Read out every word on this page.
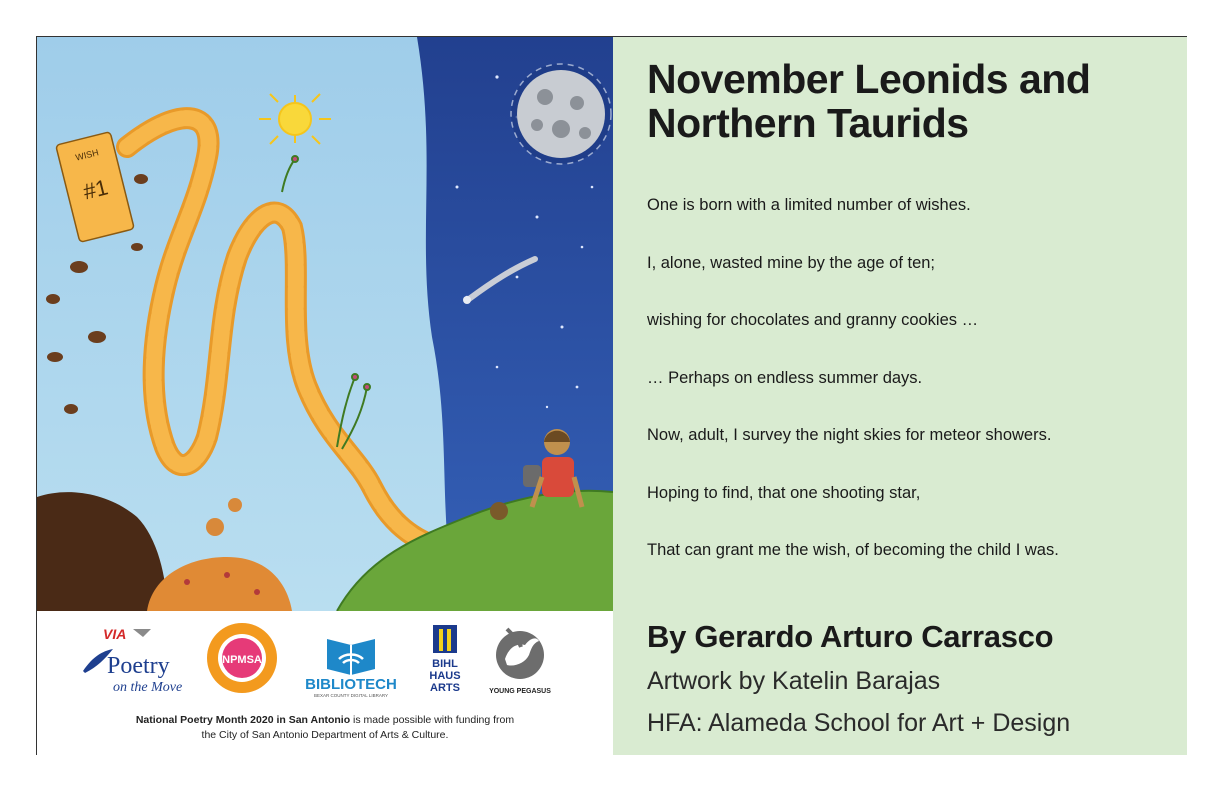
WISH
#1
VIA
Poetry
on the Move
NPMSA
BIBLIOTECH
BEXAR COUNTY DIGITAL LIBRARY
BIHL
HAUS
ARTS	YOUNG PEGASUS
National Poetry Month 2020 in San Antonio is made possible with funding from
the City of San Antonio Department of Arts & Culture.
November Leonids and
Northern Taurids
One is born with a limited number of wishes.
I, alone, wasted mine by the age of ten;
wishing for chocolates and granny cookies …
… Perhaps on endless summer days.
Now, adult, I survey the night skies for meteor showers.
Hoping to find, that one shooting star,
That can grant me the wish, of becoming the child I was.
By Gerardo Arturo Carrasco
Artwork by Katelin Barajas
HFA: Alameda School for Art + Design
